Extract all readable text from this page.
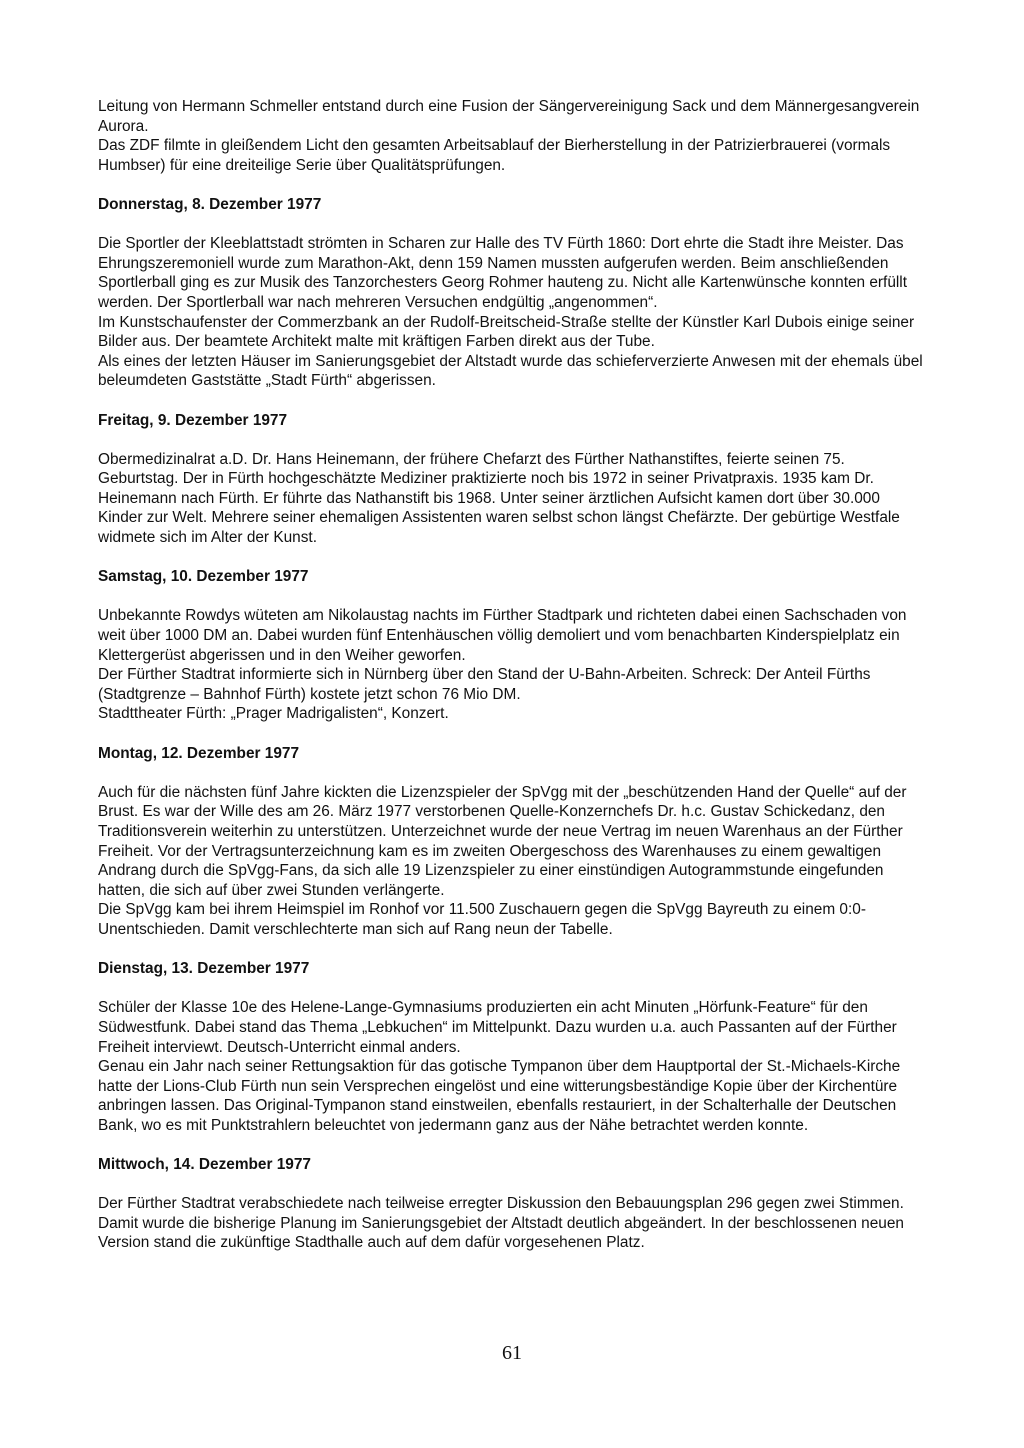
Leitung von Hermann Schmeller entstand durch eine Fusion der Sängervereinigung Sack und dem Männergesangverein Aurora.

Das ZDF filmte in gleißendem Licht den gesamten Arbeitsablauf der Bierherstellung in der Patrizierbrauerei (vormals Humbser) für eine dreiteilige Serie über Qualitätsprüfungen.

Donnerstag, 8. Dezember 1977

Die Sportler der Kleeblattstadt strömten in Scharen zur Halle des TV Fürth 1860: Dort ehrte die Stadt ihre Meister. Das Ehrungszeremoniell wurde zum Marathon-Akt, denn 159 Namen mussten aufgerufen werden. Beim anschließenden Sportlerball ging es zur Musik des Tanzorchesters Georg Rohmer hauteng zu. Nicht alle Kartenwünsche konnten erfüllt werden. Der Sportlerball war nach mehreren Versuchen endgültig „angenommen“.

Im Kunstschaufenster der Commerzbank an der Rudolf-Breitscheid-Straße stellte der Künstler Karl Dubois einige seiner Bilder aus. Der beamtete Architekt malte mit kräftigen Farben direkt aus der Tube.

Als eines der letzten Häuser im Sanierungsgebiet der Altstadt wurde das schieferverzierte Anwesen mit der ehemals übel beleumdeten Gaststätte „Stadt Fürth“ abgerissen.

Freitag, 9. Dezember 1977

Obermedizinalrat a.D. Dr. Hans Heinemann, der frühere Chefarzt des Fürther Nathanstiftes, feierte seinen 75. Geburtstag. Der in Fürth hochgeschätzte Mediziner praktizierte noch bis 1972 in seiner Privatpraxis. 1935 kam Dr. Heinemann nach Fürth. Er führte das Nathanstift bis 1968. Unter seiner ärztlichen Aufsicht kamen dort über 30.000 Kinder zur Welt. Mehrere seiner ehemaligen Assistenten waren selbst schon längst Chefärzte. Der gebürtige Westfale widmete sich im Alter der Kunst.

Samstag, 10. Dezember 1977

Unbekannte Rowdys wüteten am Nikolaustag nachts im Fürther Stadtpark und richteten dabei einen Sachschaden von weit über 1000 DM an. Dabei wurden fünf Entenhäuschen völlig demoliert und vom benachbarten Kinderspielplatz ein Klettergerüst abgerissen und in den Weiher geworfen.

Der Fürther Stadtrat informierte sich in Nürnberg über den Stand der U-Bahn-Arbeiten. Schreck: Der Anteil Fürths (Stadtgrenze – Bahnhof Fürth) kostete jetzt schon 76 Mio DM.

Stadttheater Fürth: „Prager Madrigalisten“, Konzert.

Montag, 12. Dezember 1977

Auch für die nächsten fünf Jahre kickten die Lizenzspieler der SpVgg mit der „beschützenden Hand der Quelle“ auf der Brust. Es war der Wille des am 26. März 1977 verstorbenen Quelle-Konzernchefs Dr. h.c. Gustav Schickedanz, den Traditionsverein weiterhin zu unterstützen. Unterzeichnet wurde der neue Vertrag im neuen Warenhaus an der Fürther Freiheit. Vor der Vertragsunterzeichnung kam es im zweiten Obergeschoss des Warenhauses zu einem gewaltigen Andrang durch die SpVgg-Fans, da sich alle 19 Lizenzspieler zu einer einstündigen Autogrammstunde eingefunden hatten, die sich auf über zwei Stunden verlängerte.

Die SpVgg kam bei ihrem Heimspiel im Ronhof vor 11.500 Zuschauern gegen die SpVgg Bayreuth zu einem 0:0-Unentschieden. Damit verschlechterte man sich auf Rang neun der Tabelle.

Dienstag, 13. Dezember 1977

Schüler der Klasse 10e des Helene-Lange-Gymnasiums produzierten ein acht Minuten „Hörfunk-Feature“ für den Südwestfunk. Dabei stand das Thema „Lebkuchen“ im Mittelpunkt. Dazu wurden u.a. auch Passanten auf der Fürther Freiheit interviewt. Deutsch-Unterricht einmal anders.

Genau ein Jahr nach seiner Rettungsaktion für das gotische Tympanon über dem Hauptportal der St.-Michaels-Kirche hatte der Lions-Club Fürth nun sein Versprechen eingelöst und eine witterungsbeständige Kopie über der Kirchentüre anbringen lassen. Das Original-Tympanon stand einstweilen, ebenfalls restauriert, in der Schalterhalle der Deutschen Bank, wo es mit Punktstrahlern beleuchtet von jedermann ganz aus der Nähe betrachtet werden konnte.

Mittwoch, 14. Dezember 1977

Der Fürther Stadtrat verabschiedete nach teilweise erregter Diskussion den Bebauungsplan 296 gegen zwei Stimmen. Damit wurde die bisherige Planung im Sanierungsgebiet der Altstadt deutlich abgeändert. In der beschlossenen neuen Version stand die zukünftige Stadthalle auch auf dem dafür vorgesehenen Platz.

61
